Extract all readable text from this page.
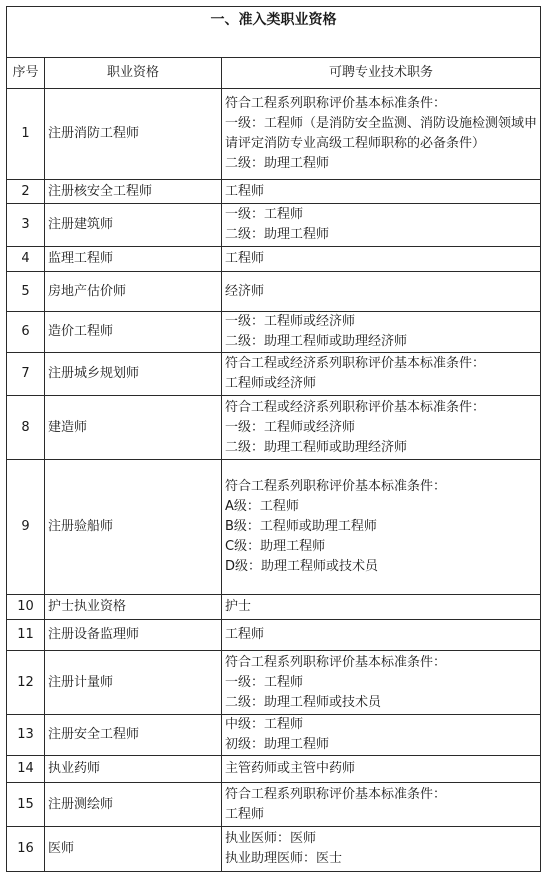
一、准入类职业资格		
序号	职业资格	可聘专业技术职务
1	注册消防工程师	符合工程系列职称评价基本标准条件：
一级：工程师（是消防安全监测、消防设施检测领域申请评定消防专业高级工程师职称的必备条件）
二级：助理工程师

2	注册核安全工程师	工程师

3	注册建筑师	一级：工程师
二级：助理工程师

4	监理工程师	工程师

5	房地产估价师	经济师

6	造价工程师	一级：工程师或经济师
二级：助理工程师或助理经济师

7	注册城乡规划师	符合工程或经济系列职称评价基本标准条件：
工程师或经济师

8	建造师	符合工程或经济系列职称评价基本标准条件：
一级：工程师或经济师
二级：助理工程师或助理经济师

9	注册验船师	符合工程系列职称评价基本标准条件：
A级：工程师
B级：工程师或助理工程师
C级：助理工程师
D级：助理工程师或技术员

10	护士执业资格	护士

11	注册设备监理师	工程师

12	注册计量师	符合工程系列职称评价基本标准条件：
一级：工程师
二级：助理工程师或技术员

13	注册安全工程师	中级：工程师
初级：助理工程师

14	执业药师	主管药师或主管中药师

15	注册测绘师	符合工程系列职称评价基本标准条件：
工程师

16	医师	执业医师：医师
执业助理医师：医士
